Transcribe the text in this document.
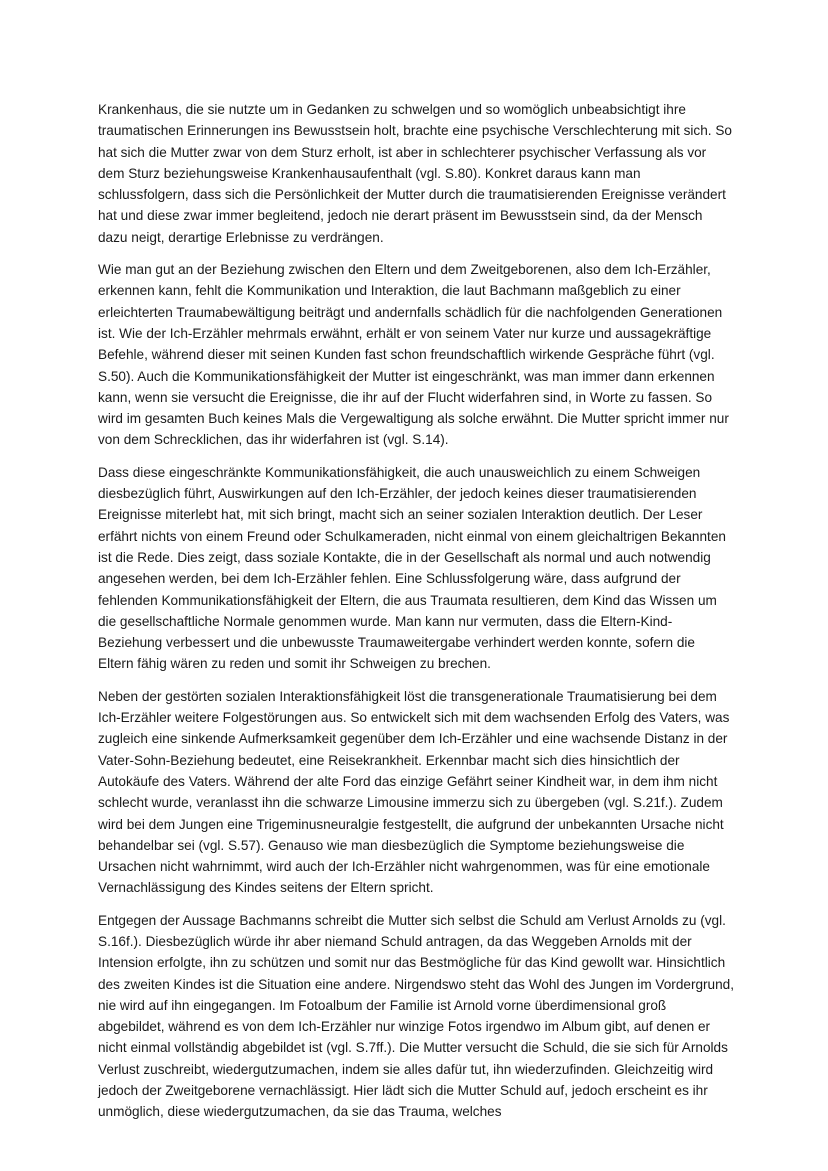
Krankenhaus, die sie nutzte um in Gedanken zu schwelgen und so womöglich unbeabsichtigt ihre traumatischen Erinnerungen ins Bewusstsein holt, brachte eine psychische Verschlechterung mit sich. So hat sich die Mutter zwar von dem Sturz erholt, ist aber in schlechterer psychischer Verfassung als vor dem Sturz beziehungsweise Krankenhausaufenthalt (vgl. S.80). Konkret daraus kann man schlussfolgern, dass sich die Persönlichkeit der Mutter durch die traumatisierenden Ereignisse verändert hat und diese zwar immer begleitend, jedoch nie derart präsent im Bewusstsein sind, da der Mensch dazu neigt, derartige Erlebnisse zu verdrängen.

Wie man gut an der Beziehung zwischen den Eltern und dem Zweitgeborenen, also dem Ich-Erzähler, erkennen kann, fehlt die Kommunikation und Interaktion, die laut Bachmann maßgeblich zu einer erleichterten Traumabewältigung beiträgt und andernfalls schädlich für die nachfolgenden Generationen ist. Wie der Ich-Erzähler mehrmals erwähnt, erhält er von seinem Vater nur kurze und aussagekräftige Befehle, während dieser mit seinen Kunden fast schon freundschaftlich wirkende Gespräche führt (vgl. S.50). Auch die Kommunikationsfähigkeit der Mutter ist eingeschränkt, was man immer dann erkennen kann, wenn sie versucht die Ereignisse, die ihr auf der Flucht widerfahren sind, in Worte zu fassen. So wird im gesamten Buch keines Mals die Vergewaltigung als solche erwähnt. Die Mutter spricht immer nur von dem Schrecklichen, das ihr widerfahren ist (vgl. S.14).

Dass diese eingeschränkte Kommunikationsfähigkeit, die auch unausweichlich zu einem Schweigen diesbezüglich führt, Auswirkungen auf den Ich-Erzähler, der jedoch keines dieser traumatisierenden Ereignisse miterlebt hat, mit sich bringt, macht sich an seiner sozialen Interaktion deutlich. Der Leser erfährt nichts von einem Freund oder Schulkameraden, nicht einmal von einem gleichaltrigen Bekannten ist die Rede. Dies zeigt, dass soziale Kontakte, die in der Gesellschaft als normal und auch notwendig angesehen werden, bei dem Ich-Erzähler fehlen. Eine Schlussfolgerung wäre, dass aufgrund der fehlenden Kommunikationsfähigkeit der Eltern, die aus Traumata resultieren, dem Kind das Wissen um die gesellschaftliche Normale genommen wurde. Man kann nur vermuten, dass die Eltern-Kind-Beziehung verbessert und die unbewusste Traumaweitergabe verhindert werden konnte, sofern die Eltern fähig wären zu reden und somit ihr Schweigen zu brechen.

Neben der gestörten sozialen Interaktionsfähigkeit löst die transgenerationale Traumatisierung bei dem Ich-Erzähler weitere Folgestörungen aus. So entwickelt sich mit dem wachsenden Erfolg des Vaters, was zugleich eine sinkende Aufmerksamkeit gegenüber dem Ich-Erzähler und eine wachsende Distanz in der Vater-Sohn-Beziehung bedeutet, eine Reisekrankheit. Erkennbar macht sich dies hinsichtlich der Autokäufe des Vaters. Während der alte Ford das einzige Gefährt seiner Kindheit war, in dem ihm nicht schlecht wurde, veranlasst ihn die schwarze Limousine immerzu sich zu übergeben (vgl. S.21f.). Zudem wird bei dem Jungen eine Trigeminusneuralgie festgestellt, die aufgrund der unbekannten Ursache nicht behandelbar sei (vgl. S.57). Genauso wie man diesbezüglich die Symptome beziehungsweise die Ursachen nicht wahrnimmt, wird auch der Ich-Erzähler nicht wahrgenommen, was für eine emotionale Vernachlässigung des Kindes seitens der Eltern spricht.

Entgegen der Aussage Bachmanns schreibt die Mutter sich selbst die Schuld am Verlust Arnolds zu (vgl. S.16f.). Diesbezüglich würde ihr aber niemand Schuld antragen, da das Weggeben Arnolds mit der Intension erfolgte, ihn zu schützen und somit nur das Bestmögliche für das Kind gewollt war. Hinsichtlich des zweiten Kindes ist die Situation eine andere. Nirgendswo steht das Wohl des Jungen im Vordergrund, nie wird auf ihn eingegangen. Im Fotoalbum der Familie ist Arnold vorne überdimensional groß abgebildet, während es von dem Ich-Erzähler nur winzige Fotos irgendwo im Album gibt, auf denen er nicht einmal vollständig abgebildet ist (vgl. S.7ff.). Die Mutter versucht die Schuld, die sie sich für Arnolds Verlust zuschreibt, wiedergutzumachen, indem sie alles dafür tut, ihn wiederzufinden. Gleichzeitig wird jedoch der Zweitgeborene vernachlässigt. Hier lädt sich die Mutter Schuld auf, jedoch erscheint es ihr unmöglich, diese wiedergutzumachen, da sie das Trauma, welches
